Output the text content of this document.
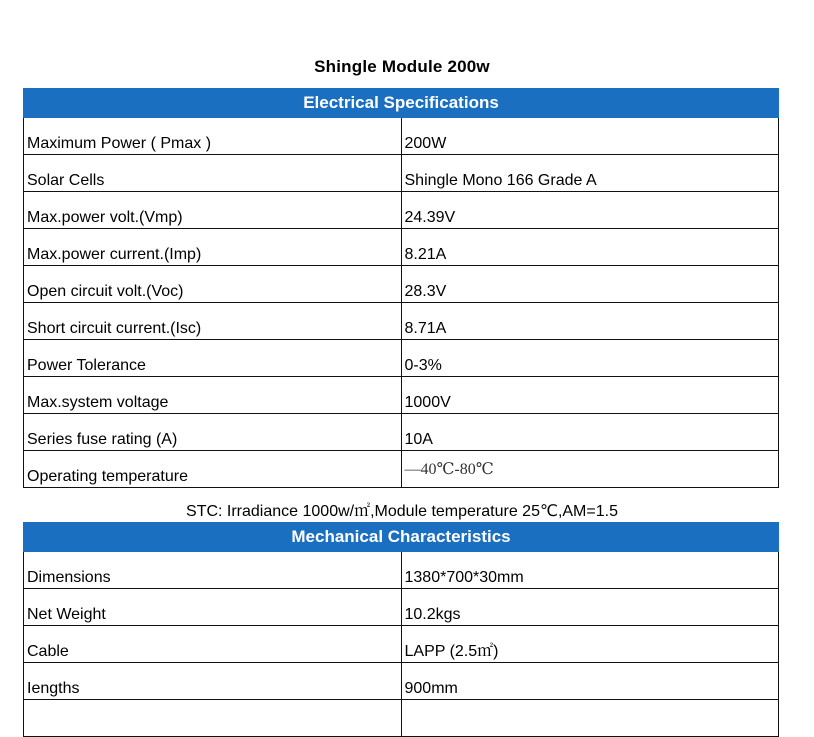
Shingle Module 200w
Electrical Specifications	
Maximum Power ( Pmax )	200W
Solar Cells	Shingle Mono 166 Grade A
Max.power volt.(Vmp)	24.39V
Max.power current.(Imp)	8.21A
Open circuit volt.(Voc)	28.3V
Short circuit current.(Isc)	8.71A
Power Tolerance	0-3%
Max.system voltage	1000V
Series fuse rating (A)	10A
Operating temperature	—40℃-80℃
STC: Irradiance 1000w/㎡,Module temperature 25℃,AM=1.5
Mechanical Characteristics	
Dimensions	1380*700*30mm
Net Weight	10.2kgs
Cable	LAPP (2.5㎡)
Iengths	900mm
